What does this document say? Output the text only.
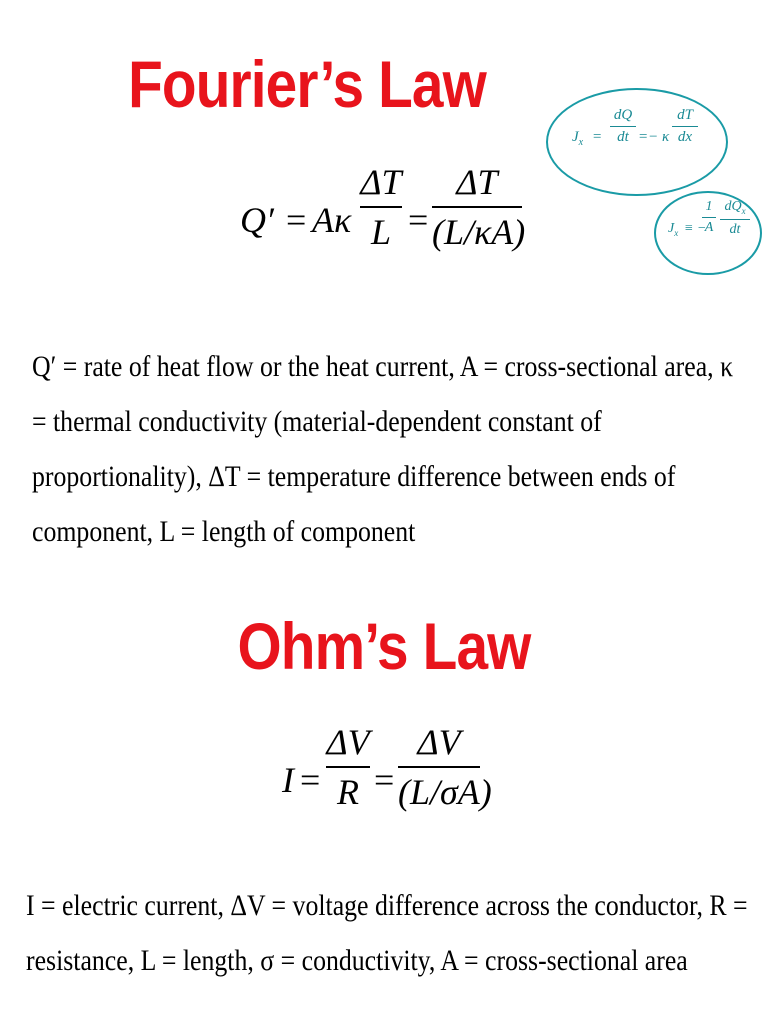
Fourier’s Law
$J_x$ =
dQ
dt =− κ
dT
dx
$J_x$ ≡ −
1
A
$dQ_x$
dt
Q′ = Aκ
ΔT
L =
ΔT
(L/κA)
Q′ = rate of heat flow or the heat current, A = cross-sectional area, κ
= thermal conductivity (material-dependent constant of
proportionality), ΔT = temperature difference between ends of
component, L = length of component
Ohm’s Law
I =
ΔV
R =
ΔV
(L/σA)
I = electric current, ΔV = voltage difference across the conductor, R =
resistance, L = length, σ = conductivity, A = cross-sectional area
